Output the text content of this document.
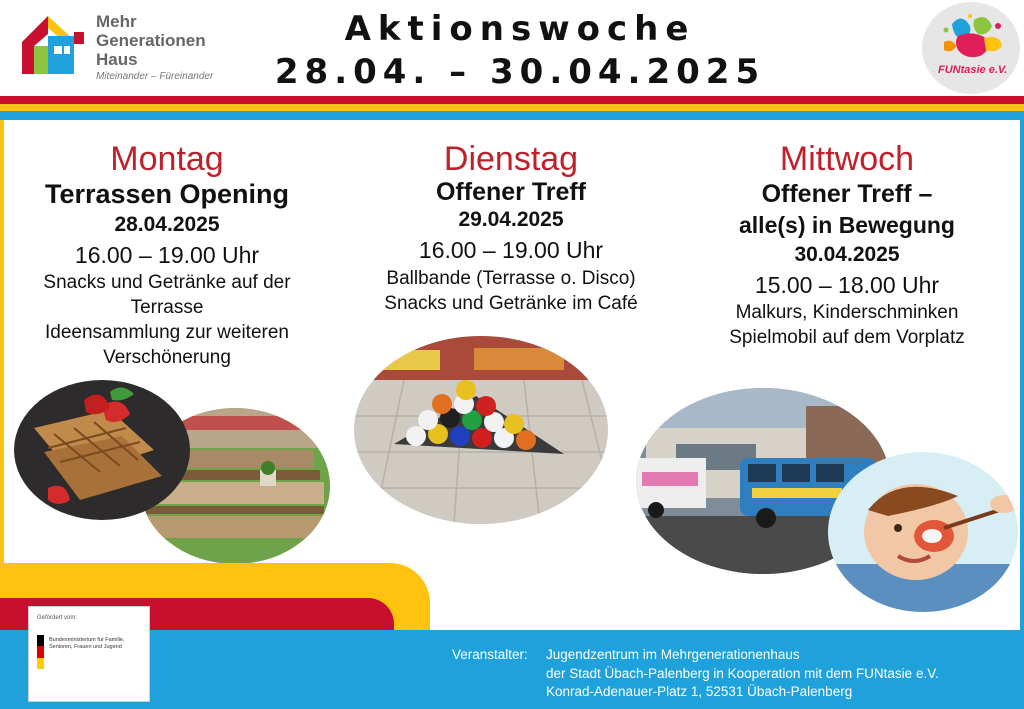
Mehr
Generationen
Haus
Miteinander – Füreinander
Aktionswoche
28.04. – 30.04.2025	FUNtasie e.V.
Montag
Terrassen Opening
28.04.2025
16.00 – 19.00 Uhr
Snacks und Getränke auf der
Terrasse
Ideensammlung zur weiteren
Verschönerung
Dienstag
Offener Treff
29.04.2025
16.00 – 19.00 Uhr
Ballbande (Terrasse o. Disco)
Snacks und Getränke im Café
Mittwoch
Offener Treff –
alle(s) in Bewegung
30.04.2025
15.00 – 18.00 Uhr
Malkurs, Kinderschminken
Spielmobil auf dem Vorplatz
Gefördert vom:
Bundesministerium für Familie, Senioren, Frauen und Jugend	Veranstalter: Jugendzentrum im Mehrgenerationenhaus
der Stadt Übach-Palenberg in Kooperation mit dem FUNtasie e.V.
Konrad-Adenauer-Platz 1, 52531 Übach-Palenberg
